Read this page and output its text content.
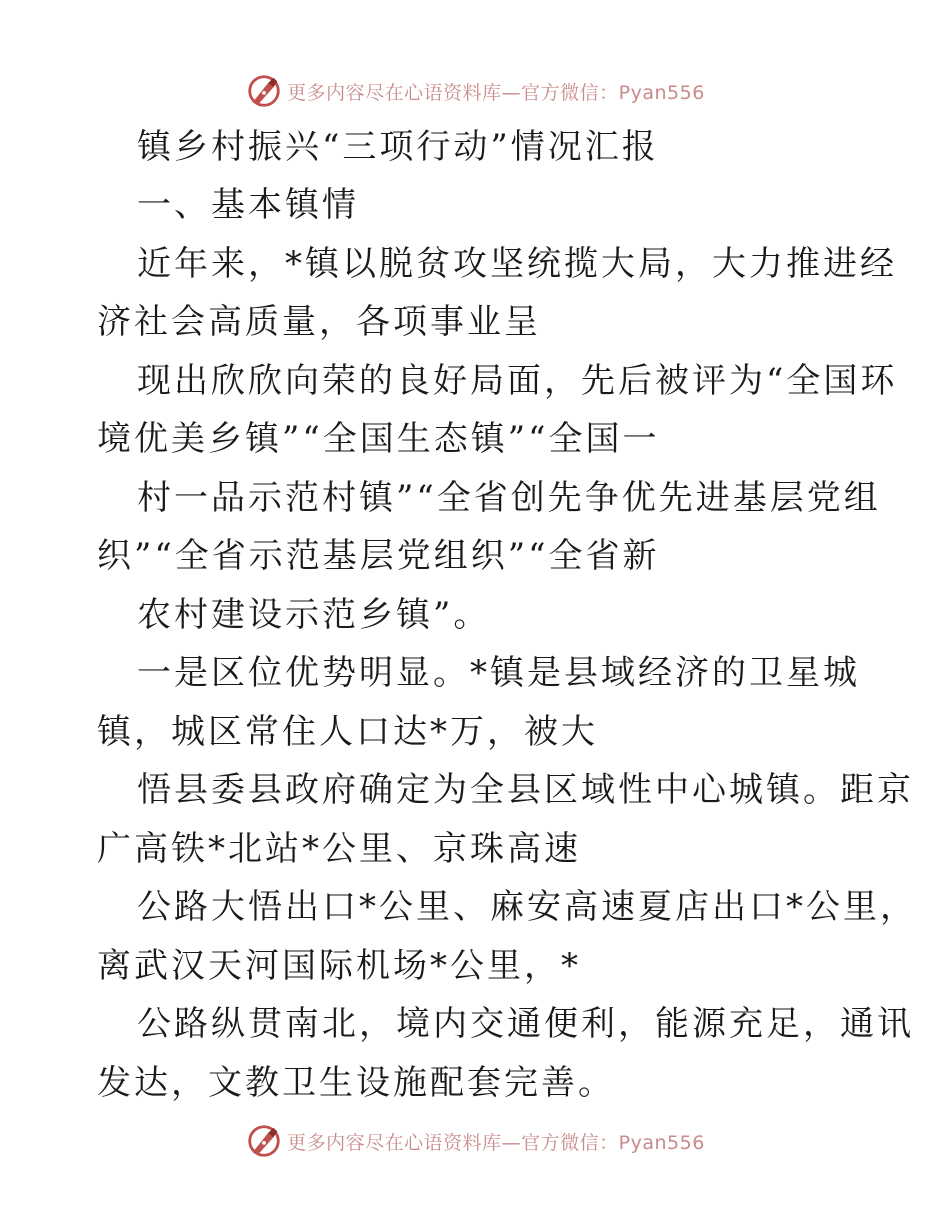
更多内容尽在心语资料库—官方微信：Pyan556
镇乡村振兴“三项行动”情况汇报
一、基本镇情
近年来，*镇以脱贫攻坚统揽大局，大力推进经
济社会高质量，各项事业呈
现出欣欣向荣的良好局面，先后被评为“全国环
境优美乡镇”“全国生态镇”“全国一
村一品示范村镇”“全省创先争优先进基层党组
织”“全省示范基层党组织”“全省新
农村建设示范乡镇”。
一是区位优势明显。*镇是县域经济的卫星城
镇，城区常住人口达*万，被大
悟县委县政府确定为全县区域性中心城镇。距京
广高铁*北站*公里、京珠高速
公路大悟出口*公里、麻安高速夏店出口*公里，
离武汉天河国际机场*公里，*
公路纵贯南北，境内交通便利，能源充足，通讯
发达，文教卫生设施配套完善。
更多内容尽在心语资料库—官方微信：Pyan556
